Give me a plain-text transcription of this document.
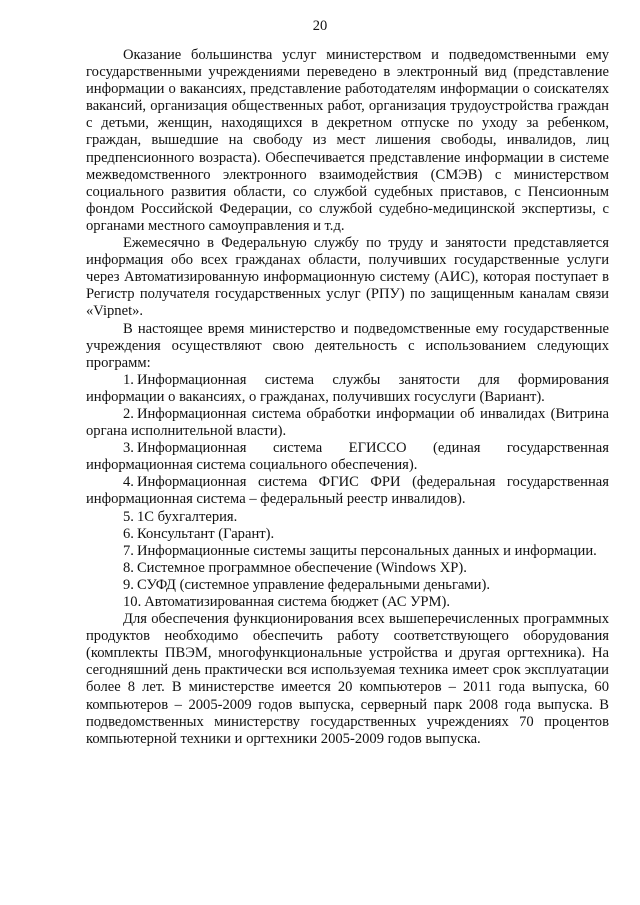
20

Оказание большинства услуг министерством и подведомственными ему государственными учреждениями переведено в электронный вид (представление информации о вакансиях, представление работодателям информации о соискателях вакансий, организация общественных работ, организация трудоустройства граждан с детьми, женщин, находящихся в декретном отпуске по уходу за ребенком, граждан, вышедшие на свободу из мест лишения свободы, инвалидов, лиц предпенсионного возраста). Обеспечивается представление информации в системе межведомственного электронного взаимодействия (СМЭВ) с министерством социального развития области, со службой судебных приставов, с Пенсионным фондом Российской Федерации, со службой судебно-медицинской экспертизы, с органами местного самоуправления и т.д.

Ежемесячно в Федеральную службу по труду и занятости представляется информация обо всех гражданах области, получивших государственные услуги через Автоматизированную информационную систему (АИС), которая поступает в Регистр получателя государственных услуг (РПУ) по защищенным каналам связи «Vipnet».

В настоящее время министерство и подведомственные ему государственные учреждения осуществляют свою деятельность с использованием следующих программ:

1. Информационная система службы занятости для формирования информации о вакансиях, о гражданах, получивших госуслуги (Вариант).

2. Информационная система обработки информации об инвалидах (Витрина органа исполнительной власти).

3. Информационная система ЕГИССО (единая государственная информационная система социального обеспечения).

4. Информационная система ФГИС ФРИ (федеральная государственная информационная система – федеральный реестр инвалидов).

5. 1С бухгалтерия.

6. Консультант (Гарант).

7. Информационные системы защиты персональных данных и информации.

8. Системное программное обеспечение (Windows XP).

9. СУФД (системное управление федеральными деньгами).

10. Автоматизированная система бюджет (АС УРМ).

Для обеспечения функционирования всех вышеперечисленных программных продуктов необходимо обеспечить работу соответствующего оборудования (комплекты ПВЭМ, многофункциональные устройства и другая оргтехника). На сегодняшний день практически вся используемая техника имеет срок эксплуатации более 8 лет. В министерстве имеется 20 компьютеров – 2011 года выпуска, 60 компьютеров – 2005-2009 годов выпуска, серверный парк 2008 года выпуска. В подведомственных министерству государственных учреждениях 70 процентов компьютерной техники и оргтехники 2005-2009 годов выпуска.
